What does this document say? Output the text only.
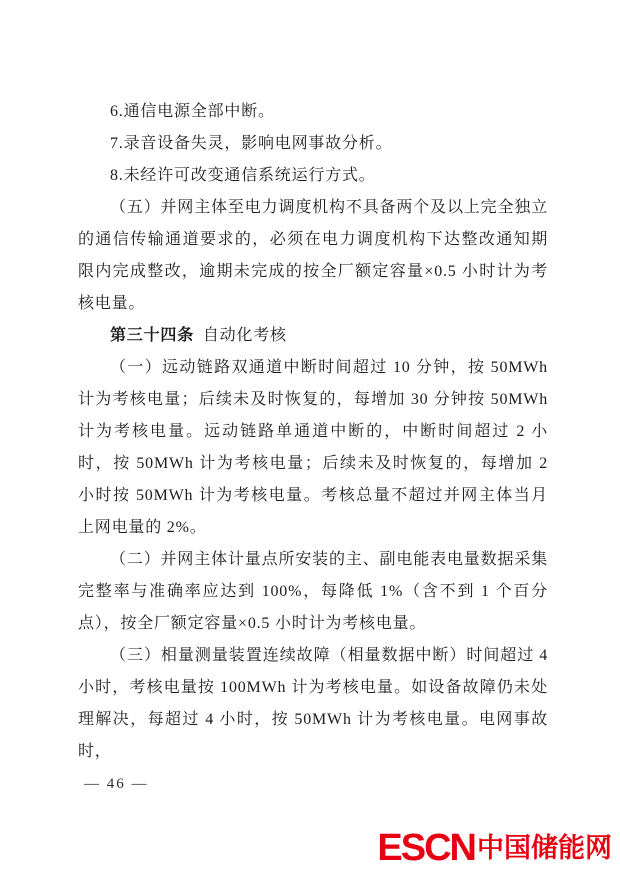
6.通信电源全部中断。

7.录音设备失灵，影响电网事故分析。

8.未经许可改变通信系统运行方式。

（五）并网主体至电力调度机构不具备两个及以上完全独立的通信传输通道要求的，必须在电力调度机构下达整改通知期限内完成整改，逾期未完成的按全厂额定容量×0.5 小时计为考核电量。

第三十四条 自动化考核

（一）远动链路双通道中断时间超过 10 分钟，按 50MWh 计为考核电量；后续未及时恢复的，每增加 30 分钟按 50MWh 计为考核电量。远动链路单通道中断的，中断时间超过 2 小时，按 50MWh 计为考核电量；后续未及时恢复的，每增加 2 小时按 50MWh 计为考核电量。考核总量不超过并网主体当月上网电量的 2%。

（二）并网主体计量点所安装的主、副电能表电量数据采集完整率与准确率应达到 100%，每降低 1%（含不到 1 个百分点），按全厂额定容量×0.5 小时计为考核电量。

（三）相量测量装置连续故障（相量数据中断）时间超过 4 小时，考核电量按 100MWh 计为考核电量。如设备故障仍未处理解决，每超过 4 小时，按 50MWh 计为考核电量。电网事故时，

— 46 —
ESCN 中国储能网
